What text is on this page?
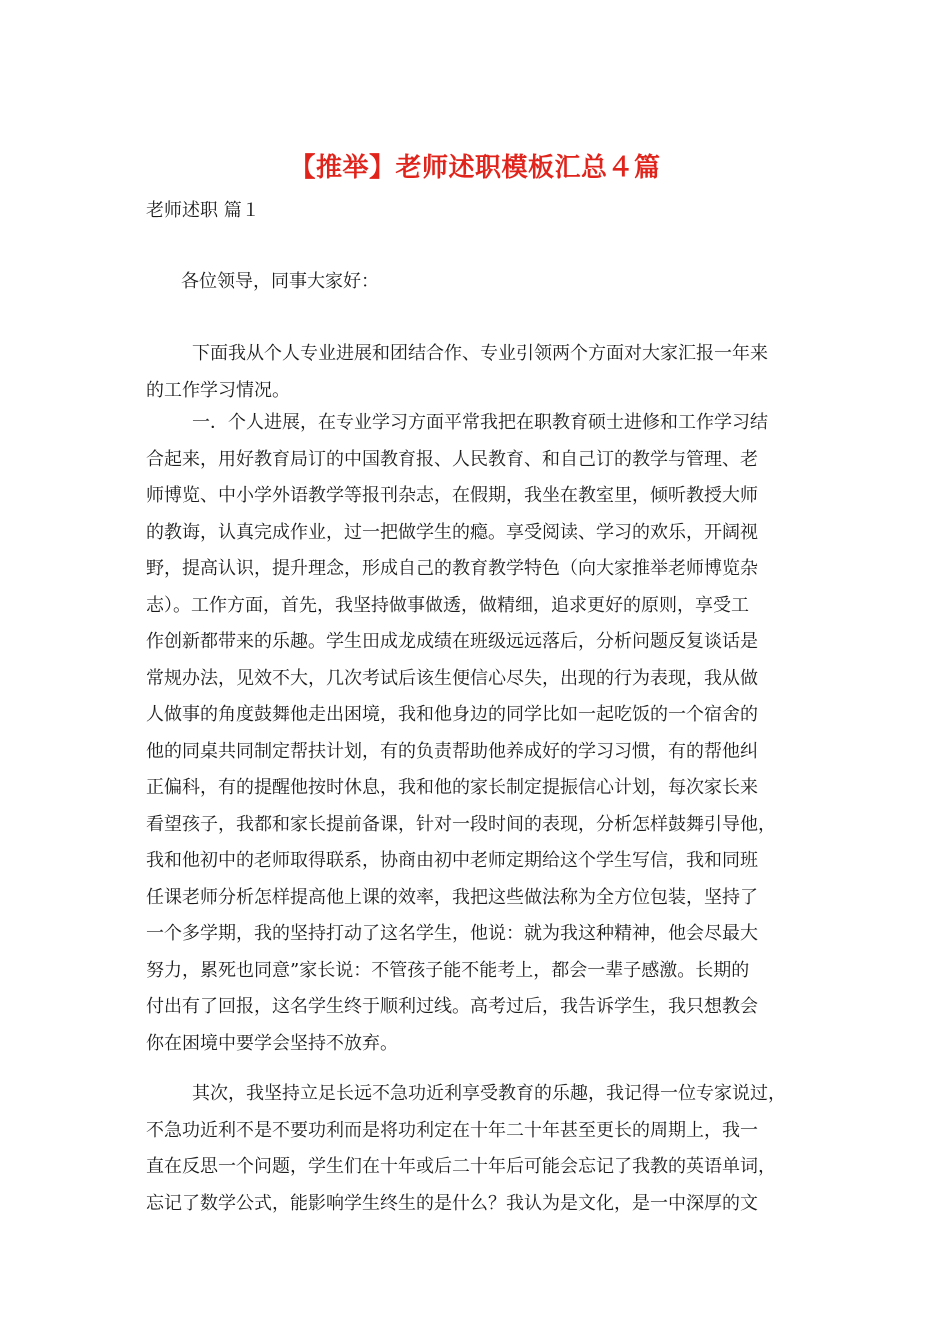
【推举】老师述职模板汇总４篇

老师述职 篇１

各位领导，同事大家好：

下面我从个人专业进展和团结合作、专业引领两个方面对大家汇报一年来
的工作学习情况。
一．个人进展，在专业学习方面平常我把在职教育硕士进修和工作学习结
合起来，用好教育局订的中国教育报、人民教育、和自己订的教学与管理、老
师博览、中小学外语教学等报刊杂志，在假期，我坐在教室里，倾听教授大师
的教诲，认真完成作业，过一把做学生的瘾。享受阅读、学习的欢乐，开阔视
野，提高认识，提升理念，形成自己的教育教学特色（向大家推举老师博览杂
志）。工作方面，首先，我坚持做事做透，做精细，追求更好的原则，享受工
作创新都带来的乐趣。学生田成龙成绩在班级远远落后，分析问题反复谈话是
常规办法，见效不大，几次考试后该生便信心尽失，出现的行为表现，我从做
人做事的角度鼓舞他走出困境，我和他身边的同学比如一起吃饭的一个宿舍的
他的同桌共同制定帮扶计划，有的负责帮助他养成好的学习习惯，有的帮他纠
正偏科，有的提醒他按时休息，我和他的家长制定提振信心计划，每次家长来
看望孩子，我都和家长提前备课，针对一段时间的表现，分析怎样鼓舞引导他，
我和他初中的老师取得联系，协商由初中老师定期给这个学生写信，我和同班
任课老师分析怎样提高他上课的效率，我把这些做法称为全方位包装，坚持了
一个多学期，我的坚持打动了这名学生，他说：就为我这种精神，他会尽最大
努力，累死也同意”家长说：不管孩子能不能考上，都会一辈子感激。长期的
付出有了回报，这名学生终于顺利过线。高考过后，我告诉学生，我只想教会
你在困境中要学会坚持不放弃。
其次，我坚持立足长远不急功近利享受教育的乐趣，我记得一位专家说过，
不急功近利不是不要功利而是将功利定在十年二十年甚至更长的周期上，我一
直在反思一个问题，学生们在十年或后二十年后可能会忘记了我教的英语单词，
忘记了数学公式，能影响学生终生的是什么？我认为是文化，是一中深厚的文
